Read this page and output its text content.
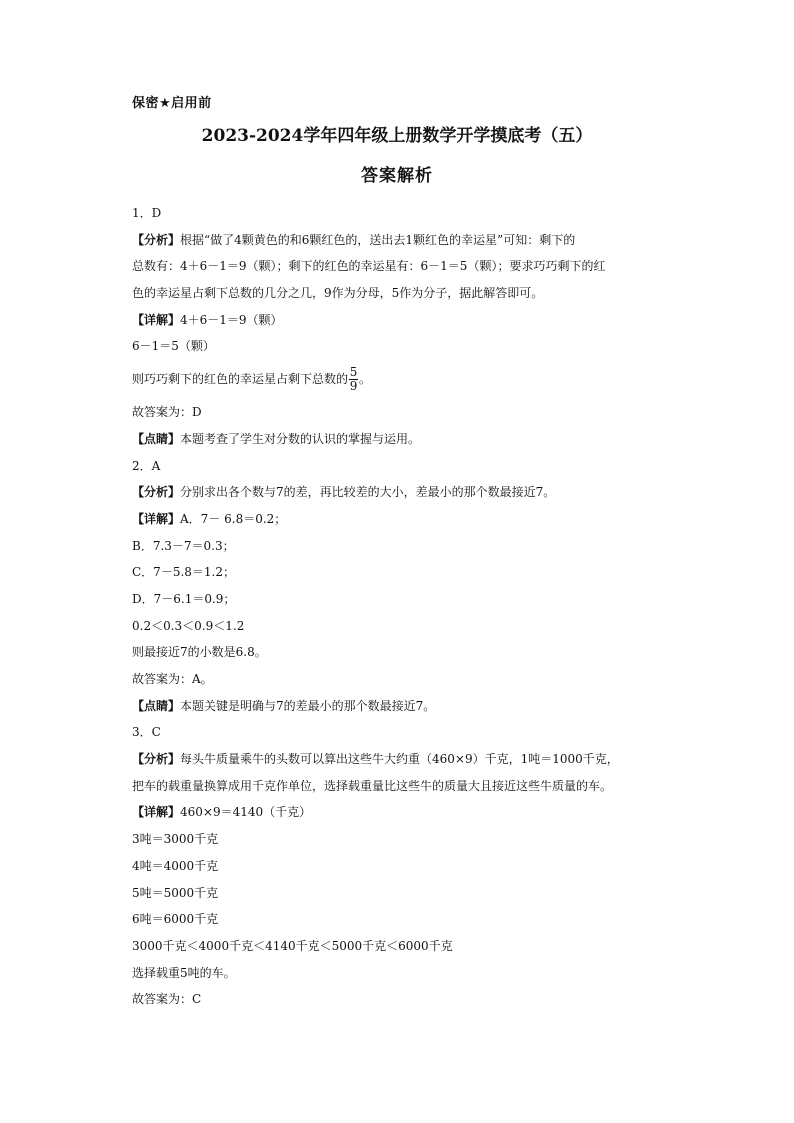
保密★启用前
2023-2024学年四年级上册数学开学摸底考（五）
答案解析
1．D
【分析】根据“做了4颗黄色的和6颗红色的，送出去1颗红色的幸运星”可知：剩下的
总数有：4＋6－1＝9（颗）；剩下的红色的幸运星有：6－1＝5（颗）；要求巧巧剩下的红
色的幸运星占剩下总数的几分之几，9作为分母，5作为分子，据此解答即可。
【详解】4＋6－1＝9（颗）
6－1＝5（颗）
则巧巧剩下的红色的幸运星占剩下总数的 $\frac{5}{9}$ 。
故答案为：D
【点睛】本题考查了学生对分数的认识的掌握与运用。
2．A
【分析】分别求出各个数与7的差，再比较差的大小，差最小的那个数最接近7。
【详解】A．7－ 6.8＝0.2；
B．7.3－7＝0.3；
C．7－5.8＝1.2；
D．7－6.1＝0.9；
0.2＜0.3＜0.9＜1.2
则最接近7的小数是6.8。
故答案为：A。
【点睛】本题关键是明确与7的差最小的那个数最接近7。
3．C
【分析】每头牛质量乘牛的头数可以算出这些牛大约重（460×9）千克，1吨＝1000千克，
把车的载重量换算成用千克作单位，选择载重量比这些牛的质量大且接近这些牛质量的车。
【详解】460×9＝4140（千克）
3吨＝3000千克
4吨＝4000千克
5吨＝5000千克
6吨＝6000千克
3000千克＜4000千克＜4140千克＜5000千克＜6000千克
选择载重5吨的车。
故答案为：C
